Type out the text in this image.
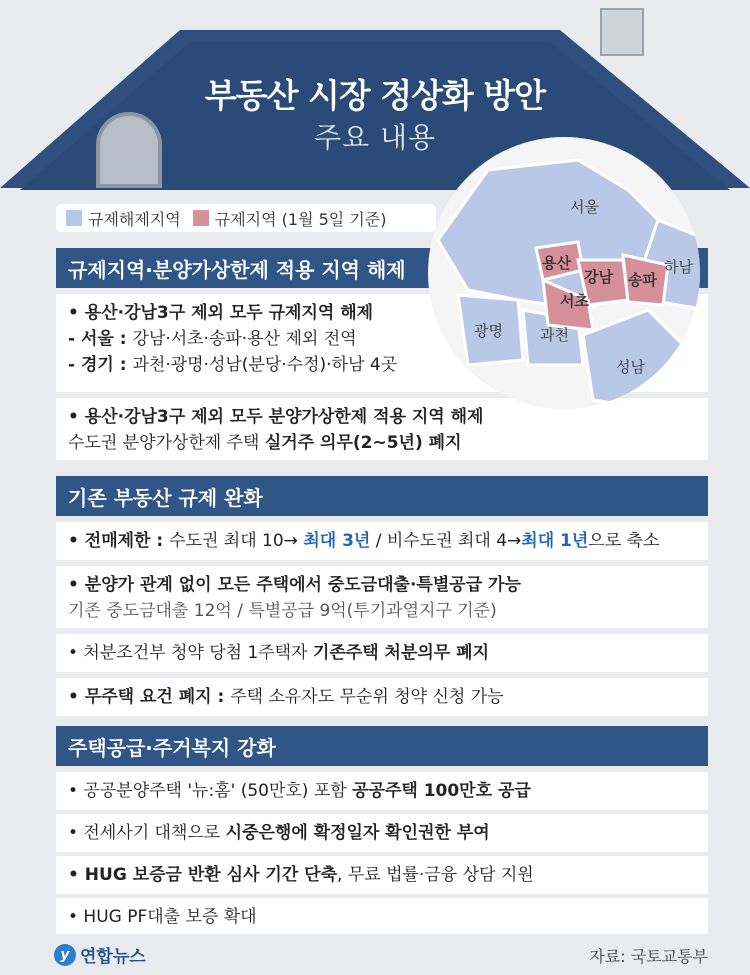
부동산 시장 정상화 방안
주요 내용
규제해제지역 규제지역 (1월 5일 기준)
규제지역·분양가상한제 적용 지역 해제
• 용산·강남3구 제외 모두 규제지역 해제
- 서울 : 강남·서초·송파·용산 제외 전역
- 경기 : 과천·광명·성남(분당·수정)·하남 4곳
• 용산·강남3구 제외 모두 분양가상한제 적용 지역 해제
수도권 분양가상한제 주택 실거주 의무(2~5년) 폐지
서울
용산
강남 송파
서초
하남
광명 과천
성남
기존 부동산 규제 완화
• 전매제한 : 수도권 최대 10→ 최대 3년 / 비수도권 최대 4→최대 1년으로 축소
• 분양가 관계 없이 모든 주택에서 중도금대출·특별공급 가능
기존 중도금대출 12억 / 특별공급 9억(투기과열지구 기준)
• 처분조건부 청약 당첨 1주택자 기존주택 처분의무 폐지
• 무주택 요건 폐지 : 주택 소유자도 무순위 청약 신청 가능
주택공급·주거복지 강화
• 공공분양주택 '뉴:홈' (50만호) 포함 공공주택 100만호 공급
• 전세사기 대책으로 시중은행에 확정일자 확인권한 부여
• HUG 보증금 반환 심사 기간 단축, 무료 법률·금융 상담 지원
• HUG PF대출 보증 확대
y 연합뉴스	자료: 국토교통부
